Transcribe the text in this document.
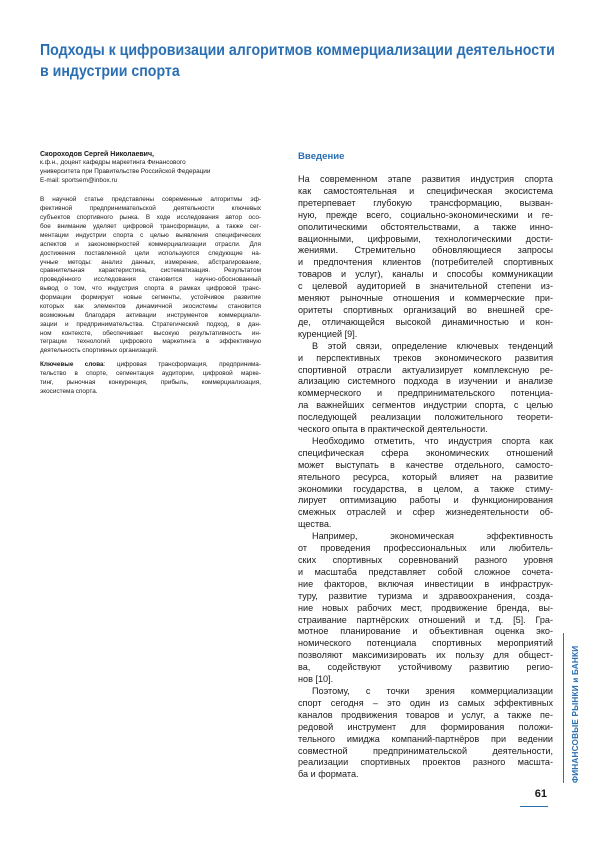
Подходы к цифровизации алгоритмов коммерциализации деятельности
в индустрии спорта
Скороходов Сергей Николаевич,
к.ф.н., доцент кафедры маркетинга Финансового
университета при Правительстве Российской Федерации
E-mail: sportsem@inbox.ru
В научной статье представлены современные алгоритмы эф-
фективной предпринимательской деятельности ключевых
субъектов спортивного рынка. В ходе исследования автор осо-
бое внимание уделяет цифровой трансформации, а также сег-
ментации индустрии спорта с целью выявления специфических
аспектов и закономерностей коммерциализации отрасли. Для
достижения поставленной цели используются следующие на-
учные методы: анализ данных, измерение, абстрагирование,
сравнительная характеристика, систематизация. Результатом
проведённого исследования становится научно-обоснованный
вывод о том, что индустрия спорта в рамках цифровой транс-
формации формирует новые сегменты, устойчивое развитие
которых как элементов динамичной экосистемы становится
возможным благодаря активации инструментов коммерциали-
зации и предпринимательства. Стратегический подход, в дан-
ном контексте, обеспечивает высокую результативность ин-
теграции технологий цифрового маркетинга в эффективную
деятельность спортивных организаций.
Ключевые слова: цифровая трансформация, предпринима-
тельство в спорте, сегментация аудитории, цифровой марке-
тинг, рыночная конкуренция, прибыль, коммерциализация,
экосистема спорта.
Введение
На современном этапе развития индустрия спорта
как самостоятельная и специфическая экосистема
претерпевает глубокую трансформацию, вызван-
ную, прежде всего, социально-экономическими и ге-
ополитическими обстоятельствами, а также инно-
вационными, цифровыми, технологическими дости-
жениями. Стремительно обновляющиеся запросы
и предпочтения клиентов (потребителей спортивных
товаров и услуг), каналы и способы коммуникации
с целевой аудиторией в значительной степени из-
меняют рыночные отношения и коммерческие при-
оритеты спортивных организаций во внешней сре-
де, отличающейся высокой динамичностью и кон-
куренцией [9].
В этой связи, определение ключевых тенденций
и перспективных треков экономического развития
спортивной отрасли актуализирует комплексную ре-
ализацию системного подхода в изучении и анализе
коммерческого и предпринимательского потенциа-
ла важнейших сегментов индустрии спорта, с целью
последующей реализации положительного теорети-
ческого опыта в практической деятельности.
Необходимо отметить, что индустрия спорта как
специфическая сфера экономических отношений
может выступать в качестве отдельного, самосто-
ятельного ресурса, который влияет на развитие
экономики государства, в целом, а также стиму-
лирует оптимизацию работы и функционирования
смежных отраслей и сфер жизнедеятельности об-
щества.
Например, экономическая эффективность
от проведения профессиональных или любитель-
ских спортивных соревнований разного уровня
и масштаба представляет собой сложное сочета-
ние факторов, включая инвестиции в инфраструк-
туру, развитие туризма и здравоохранения, созда-
ние новых рабочих мест, продвижение бренда, вы-
страивание партнёрских отношений и т.д. [5]. Гра-
мотное планирование и объективная оценка эко-
номического потенциала спортивных мероприятий
позволяют максимизировать их пользу для общест-
ва, содействуют устойчивому развитию регио-
нов [10].
Поэтому, с точки зрения коммерциализации
спорт сегодня – это один из самых эффективных
каналов продвижения товаров и услуг, а также пе-
редовой инструмент для формирования положи-
тельного имиджа компаний-партнёров при ведении
совместной предпринимательской деятельности,
реализации спортивных проектов разного масшта-
ба и формата.	ФИНАНСОВЫЕ РЫНКИ и БАНКИ
61
